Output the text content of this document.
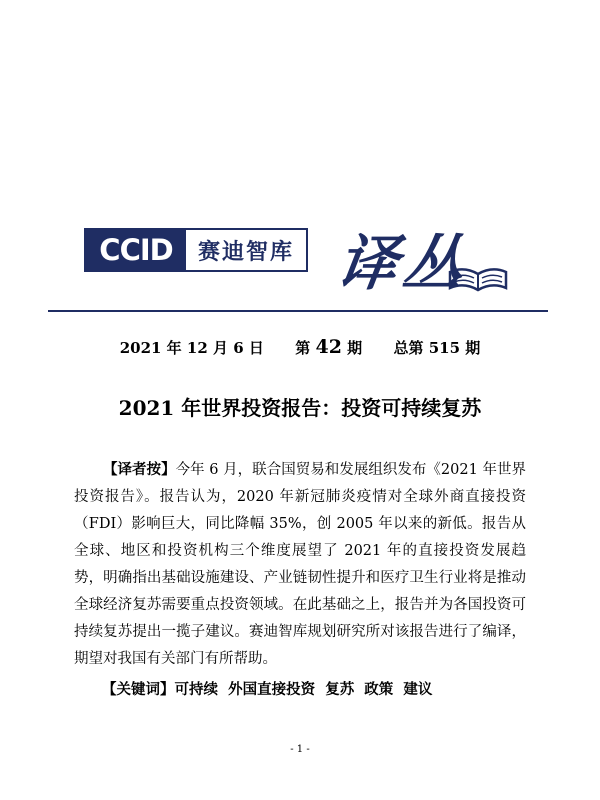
CCID	赛迪智库 译丛
2021 年 12 月 6 日 第 42 期 总第 515 期
2021 年世界投资报告：投资可持续复苏
【译者按】今年 6 月，联合国贸易和发展组织发布《2021 年世界投资报告》。报告认为，2020 年新冠肺炎疫情对全球外商直接投资（FDI）影响巨大，同比降幅 35%，创 2005 年以来的新低。报告从全球、地区和投资机构三个维度展望了 2021 年的直接投资发展趋势，明确指出基础设施建设、产业链韧性提升和医疗卫生行业将是推动全球经济复苏需要重点投资领域。在此基础之上，报告并为各国投资可持续复苏提出一揽子建议。赛迪智库规划研究所对该报告进行了编译，期望对我国有关部门有所帮助。
【关键词】可持续  外国直接投资  复苏  政策  建议
- 1 -
